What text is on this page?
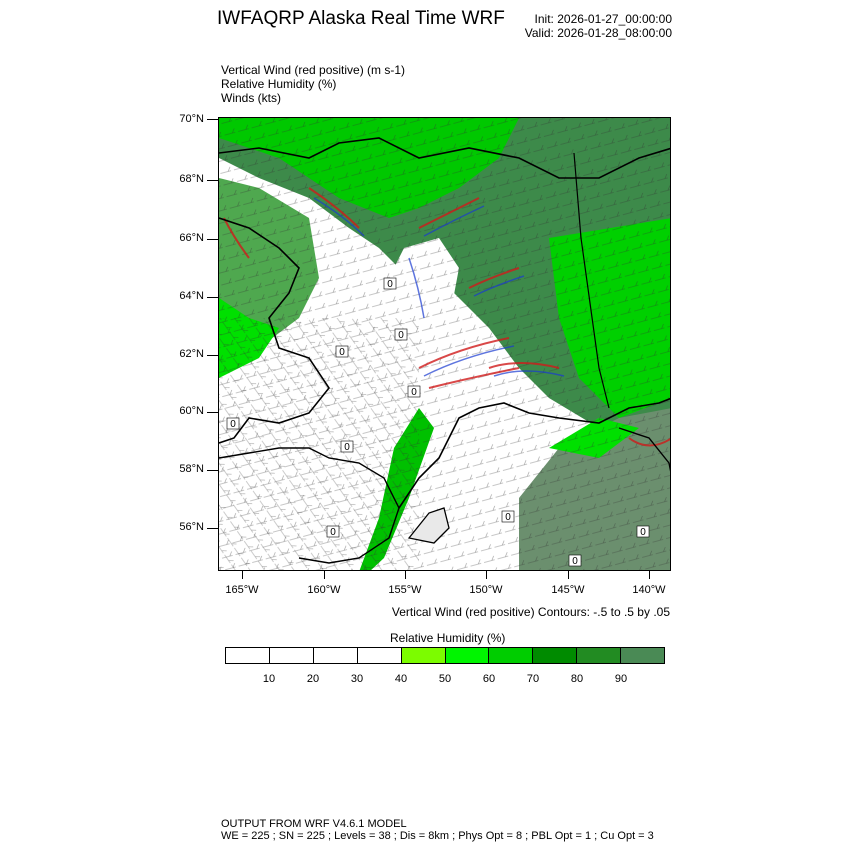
IWFAQRP Alaska Real Time WRF Init: 2026-01-27_00:00:00
Valid: 2026-01-28_08:00:00
Vertical Wind (red positive) (m s-1)
Relative Humidity (%)
Winds (kts)
70°N
68°N
66°N
64°N
62°N
60°N
58°N
56°N
0
0
0
0
0
0
0
0
0
0
165°W	160°W	155°W	150°W	145°W	140°W
Vertical Wind (red positive) Contours: -.5 to .5 by .05
Relative Humidity (%)
10	20	30	40	50	60	70	80	90
OUTPUT FROM WRF V4.6.1 MODEL
WE = 225 ; SN = 225 ; Levels = 38 ; Dis = 8km ; Phys Opt = 8 ; PBL Opt = 1 ; Cu Opt = 3
